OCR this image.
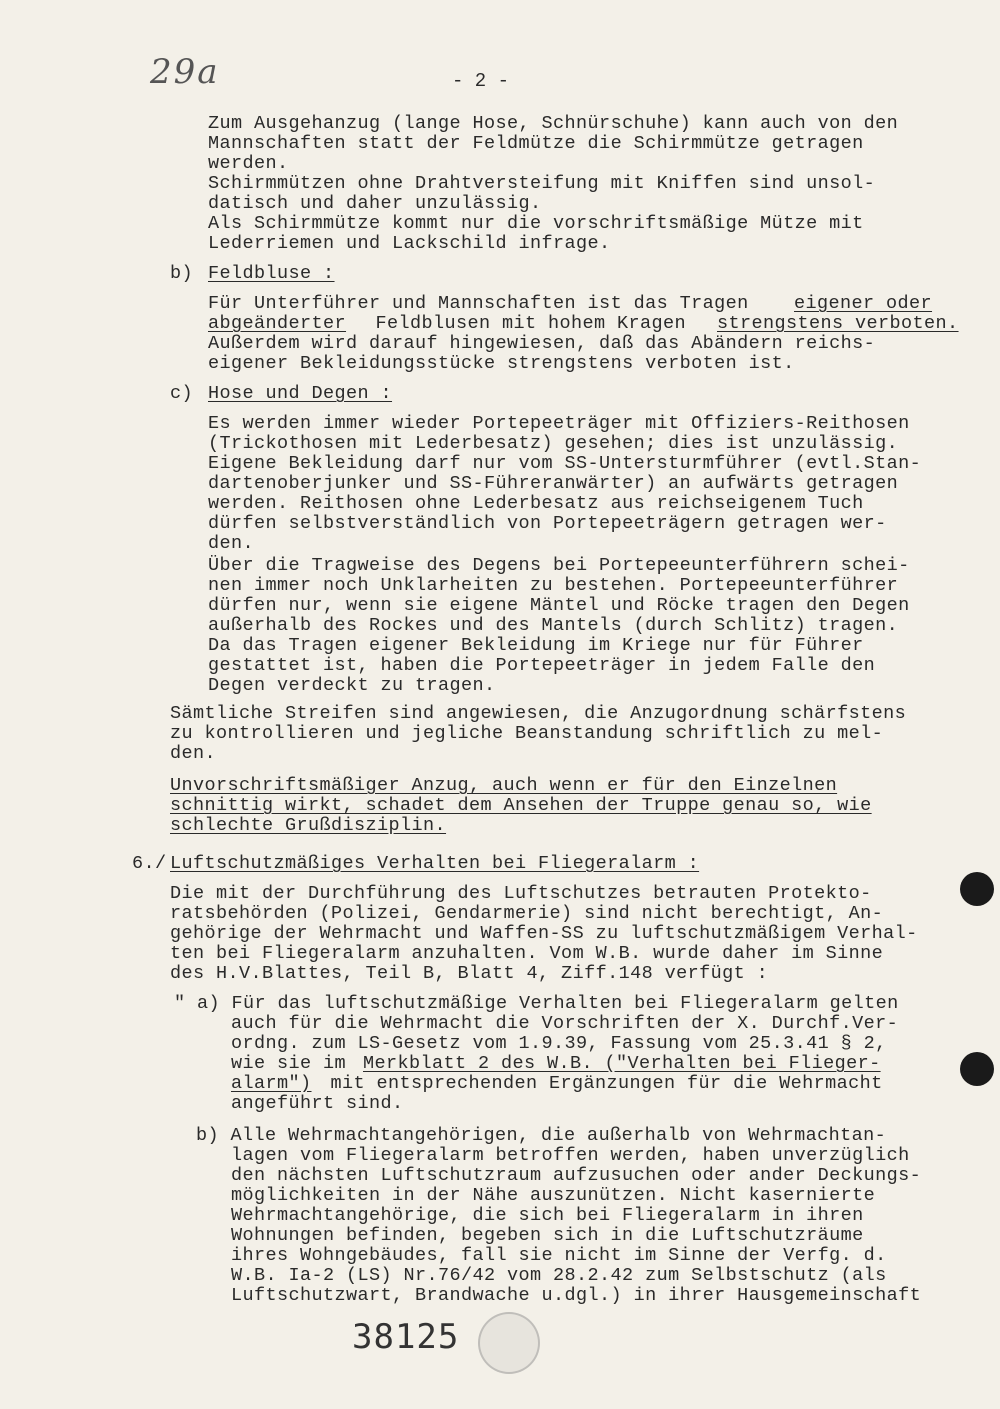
29a	- 2 -
Zum Ausgehanzug (lange Hose, Schnürschuhe) kann auch von den
Mannschaften statt der Feldmütze die Schirmmütze getragen
werden.
Schirmmützen ohne Drahtversteifung mit Kniffen sind unsol-
datisch und daher unzulässig.
Als Schirmmütze kommt nur die vorschriftsmäßige Mütze mit
Lederriemen und Lackschild infrage.
b) Feldbluse :
Für Unterführer und Mannschaften ist das Tragen eigener oder
abgeänderter Feldblusen mit hohem Kragen strengstens verboten.
Außerdem wird darauf hingewiesen, daß das Abändern reichs-
eigener Bekleidungsstücke strengstens verboten ist.
c) Hose und Degen :
Es werden immer wieder Portepeeträger mit Offiziers-Reithosen
(Trickothosen mit Lederbesatz) gesehen; dies ist unzulässig.
Eigene Bekleidung darf nur vom SS-Untersturmführer (evtl.Stan-
dartenoberjunker und SS-Führeranwärter) an aufwärts getragen
werden. Reithosen ohne Lederbesatz aus reichseigenem Tuch
dürfen selbstverständlich von Portepeeträgern getragen wer-
den.
Über die Tragweise des Degens bei Portepeeunterführern schei-
nen immer noch Unklarheiten zu bestehen. Portepeeunterführer
dürfen nur, wenn sie eigene Mäntel und Röcke tragen den Degen
außerhalb des Rockes und des Mantels (durch Schlitz) tragen.
Da das Tragen eigener Bekleidung im Kriege nur für Führer
gestattet ist, haben die Portepeeträger in jedem Falle den
Degen verdeckt zu tragen.
Sämtliche Streifen sind angewiesen, die Anzugordnung schärfstens
zu kontrollieren und jegliche Beanstandung schriftlich zu mel-
den.
Unvorschriftsmäßiger Anzug, auch wenn er für den Einzelnen
schnittig wirkt, schadet dem Ansehen der Truppe genau so, wie
schlechte Grußdisziplin.
6./
Luftschutzmäßiges Verhalten bei Fliegeralarm :
Die mit der Durchführung des Luftschutzes betrauten Protekto-
ratsbehörden (Polizei, Gendarmerie) sind nicht berechtigt, An-
gehörige der Wehrmacht und Waffen-SS zu luftschutzmäßigem Verhal-
ten bei Fliegeralarm anzuhalten. Vom W.B. wurde daher im Sinne
des H.V.Blattes, Teil B, Blatt 4, Ziff.148 verfügt :
" a) Für das luftschutzmäßige Verhalten bei Fliegeralarm gelten
auch für die Wehrmacht die Vorschriften der X. Durchf.Ver-
ordng. zum LS-Gesetz vom 1.9.39, Fassung vom 25.3.41 § 2,
wie sie im Merkblatt 2 des W.B. ("Verhalten bei Flieger-
alarm") mit entsprechenden Ergänzungen für die Wehrmacht
angeführt sind.
b) Alle Wehrmachtangehörigen, die außerhalb von Wehrmachtan-
lagen vom Fliegeralarm betroffen werden, haben unverzüglich
den nächsten Luftschutzraum aufzusuchen oder ander Deckungs-
möglichkeiten in der Nähe auszunützen. Nicht kasernierte
Wehrmachtangehörige, die sich bei Fliegeralarm in ihren
Wohnungen befinden, begeben sich in die Luftschutzräume
ihres Wohngebäudes, fall sie nicht im Sinne der Verfg. d.
W.B. Ia-2 (LS) Nr.76/42 vom 28.2.42 zum Selbstschutz (als
Luftschutzwart, Brandwache u.dgl.) in ihrer Hausgemeinschaft
38125
